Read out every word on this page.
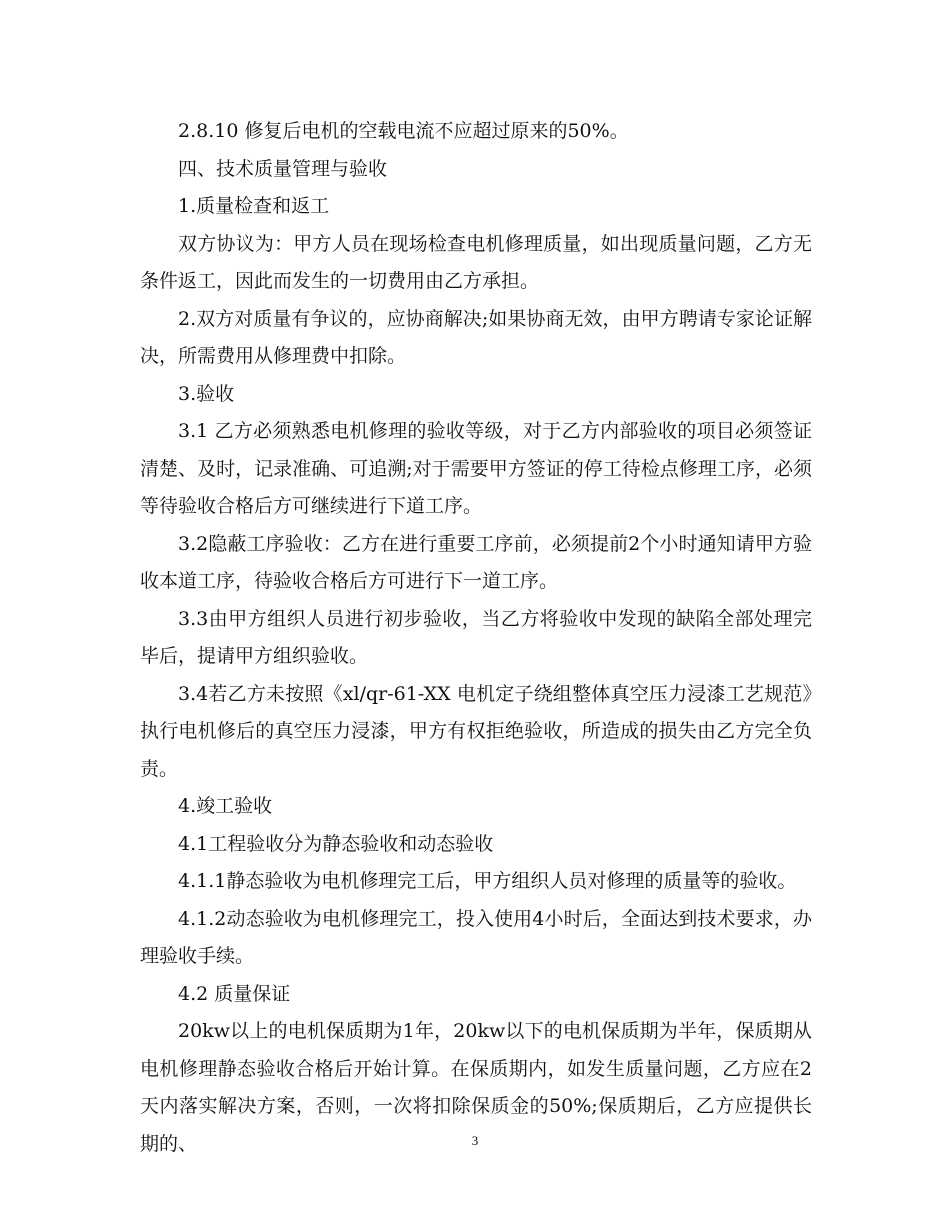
2.8.10 修复后电机的空载电流不应超过原来的50%。

四、技术质量管理与验收

1.质量检查和返工

双方协议为：甲方人员在现场检查电机修理质量，如出现质量问题，乙方无条件返工，因此而发生的一切费用由乙方承担。

2.双方对质量有争议的，应协商解决;如果协商无效，由甲方聘请专家论证解决，所需费用从修理费中扣除。

3.验收

3.1 乙方必须熟悉电机修理的验收等级，对于乙方内部验收的项目必须签证清楚、及时，记录准确、可追溯;对于需要甲方签证的停工待检点修理工序，必须等待验收合格后方可继续进行下道工序。

3.2隐蔽工序验收：乙方在进行重要工序前，必须提前2个小时通知请甲方验收本道工序，待验收合格后方可进行下一道工序。

3.3由甲方组织人员进行初步验收，当乙方将验收中发现的缺陷全部处理完毕后，提请甲方组织验收。

3.4若乙方未按照《xl/qr-61-XX 电机定子绕组整体真空压力浸漆工艺规范》执行电机修后的真空压力浸漆，甲方有权拒绝验收，所造成的损失由乙方完全负责。

4.竣工验收

4.1工程验收分为静态验收和动态验收

4.1.1静态验收为电机修理完工后，甲方组织人员对修理的质量等的验收。

4.1.2动态验收为电机修理完工，投入使用4小时后，全面达到技术要求，办理验收手续。

4.2 质量保证

20kw以上的电机保质期为1年，20kw以下的电机保质期为半年，保质期从电机修理静态验收合格后开始计算。在保质期内，如发生质量问题，乙方应在2天内落实解决方案，否则，一次将扣除保质金的50%;保质期后，乙方应提供长期的、	3
